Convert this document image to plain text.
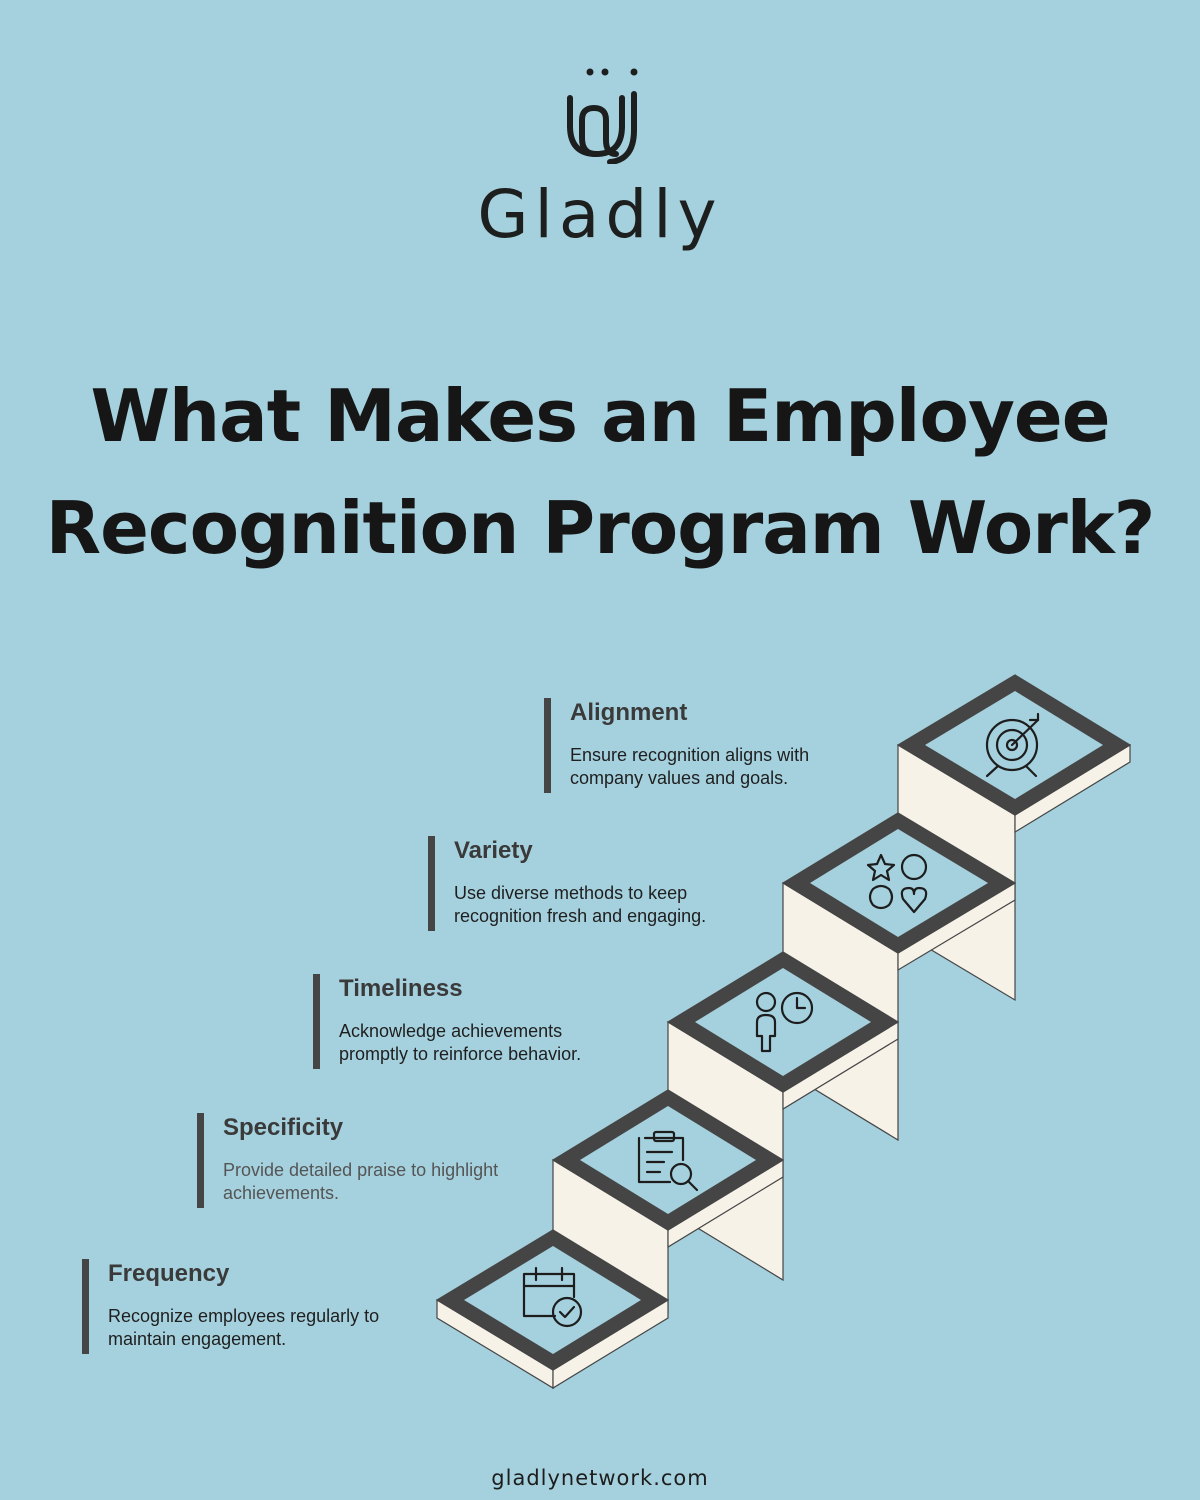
Gladly
What Makes an Employee
Recognition Program Work?

Alignment

Ensure recognition aligns with company values and goals.

Variety

Use diverse methods to keep recognition fresh and engaging.

Timeliness

Acknowledge achievements promptly to reinforce behavior.

Specificity

Provide detailed praise to highlight achievements.

Frequency

Recognize employees regularly to maintain engagement.

gladlynetwork.com
